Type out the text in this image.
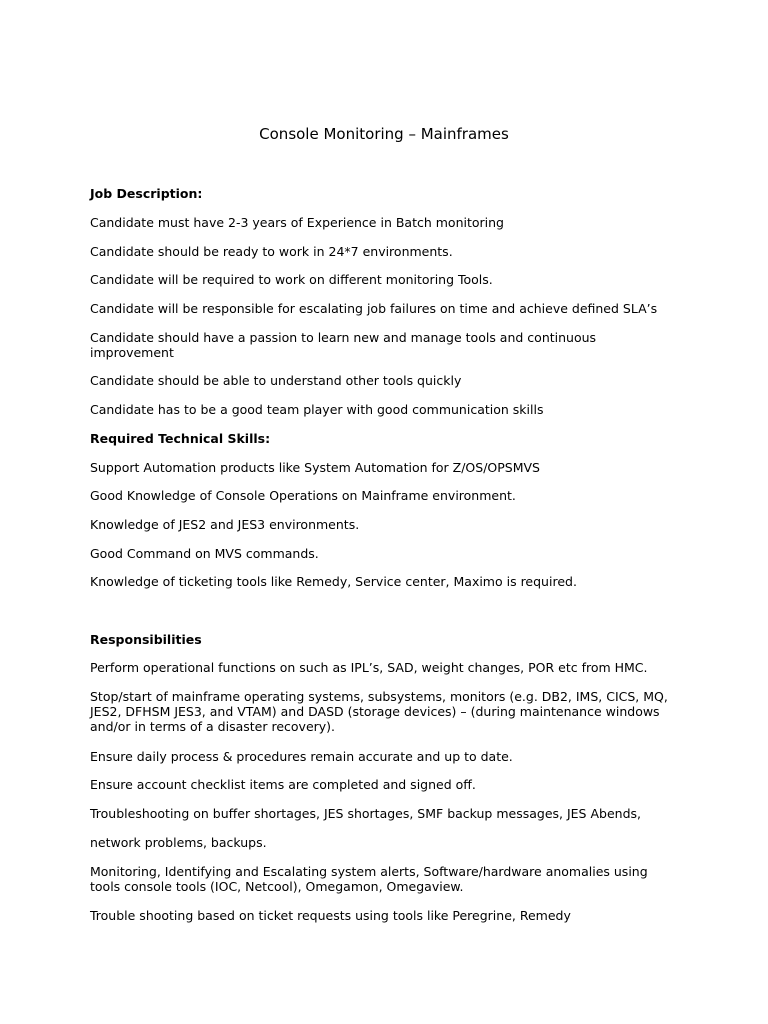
Console Monitoring – Mainframes
Job Description:
Candidate must have 2-3 years of Experience in Batch monitoring
Candidate should be ready to work in 24*7 environments.
Candidate will be required to work on different monitoring Tools.
Candidate will be responsible for escalating job failures on time and achieve defined SLA’s
Candidate should have a passion to learn new and manage tools and continuous improvement
Candidate should be able to understand other tools quickly
Candidate has to be a good team player with good communication skills
Required Technical Skills:
Support Automation products like System Automation for Z/OS/OPSMVS
Good Knowledge of Console Operations on Mainframe environment.
Knowledge of JES2 and JES3 environments.
Good Command on MVS commands.
Knowledge of ticketing tools like Remedy, Service center, Maximo is required.
Responsibilities
Perform operational functions on such as IPL’s, SAD, weight changes, POR etc from HMC.
Stop/start of mainframe operating systems, subsystems, monitors (e.g. DB2, IMS, CICS, MQ, JES2, DFHSM JES3, and VTAM) and DASD (storage devices) – (during maintenance windows and/or in terms of a disaster recovery).
Ensure daily process & procedures remain accurate and up to date.
Ensure account checklist items are completed and signed off.
Troubleshooting on buffer shortages, JES shortages, SMF backup messages, JES Abends,
network problems, backups.
Monitoring, Identifying and Escalating system alerts, Software/hardware anomalies using tools console tools (IOC, Netcool), Omegamon, Omegaview.
Trouble shooting based on ticket requests using tools like Peregrine, Remedy
